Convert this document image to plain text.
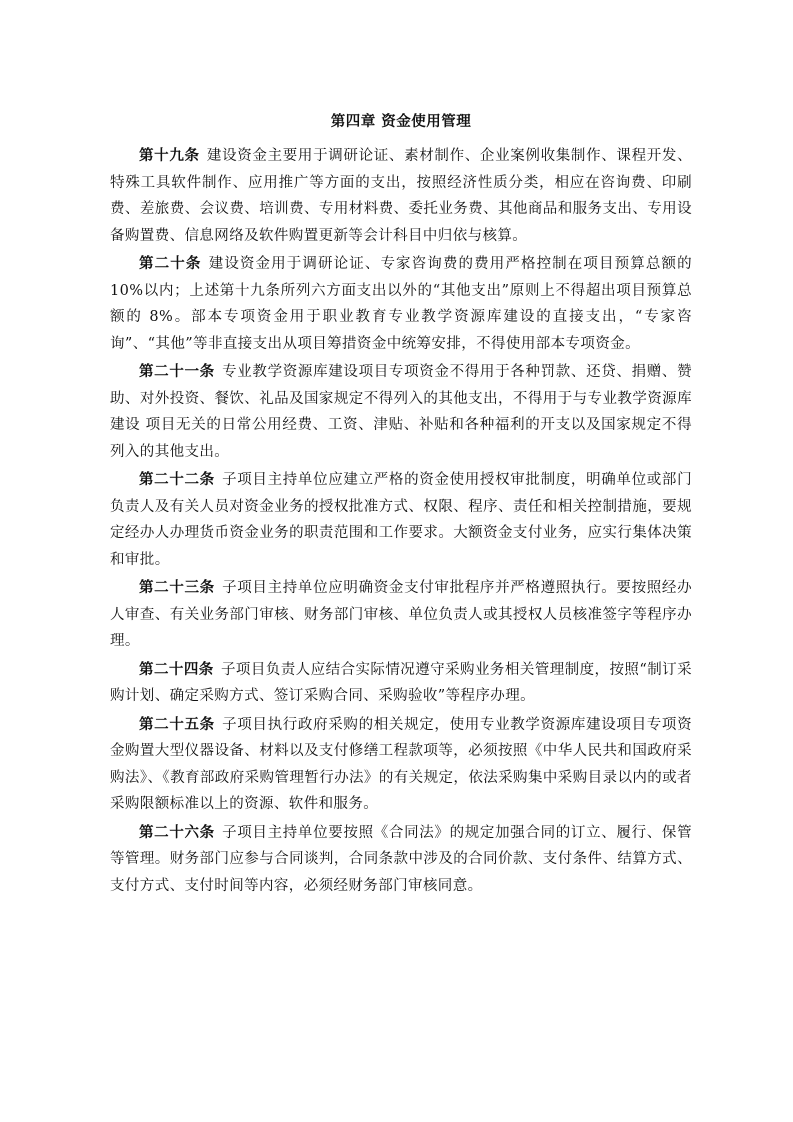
第四章 资金使用管理

第十九条 建设资金主要用于调研论证、素材制作、企业案例收集制作、课程开发、特殊工具软件制作、应用推广等方面的支出，按照经济性质分类，相应在咨询费、印刷费、差旅费、会议费、培训费、专用材料费、委托业务费、其他商品和服务支出、专用设备购置费、信息网络及软件购置更新等会计科目中归依与核算。

第二十条 建设资金用于调研论证、专家咨询费的费用严格控制在项目预算总额的 10%以内；上述第十九条所列六方面支出以外的“其他支出”原则上不得超出项目预算总额的 8%。部本专项资金用于职业教育专业教学资源库建设的直接支出，“专家咨询”、“其他”等非直接支出从项目筹措资金中统筹安排，不得使用部本专项资金。

第二十一条 专业教学资源库建设项目专项资金不得用于各种罚款、还贷、捐赠、赞助、对外投资、餐饮、礼品及国家规定不得列入的其他支出，不得用于与专业教学资源库建设 项目无关的日常公用经费、工资、津贴、补贴和各种福利的开支以及国家规定不得列入的其他支出。

第二十二条 子项目主持单位应建立严格的资金使用授权审批制度，明确单位或部门负责人及有关人员对资金业务的授权批准方式、权限、程序、责任和相关控制措施，要规定经办人办理货币资金业务的职责范围和工作要求。大额资金支付业务，应实行集体决策和审批。

第二十三条 子项目主持单位应明确资金支付审批程序并严格遵照执行。要按照经办人审查、有关业务部门审核、财务部门审核、单位负责人或其授权人员核准签字等程序办理。

第二十四条 子项目负责人应结合实际情况遵守采购业务相关管理制度，按照“制订采购计划、确定采购方式、签订采购合同、采购验收”等程序办理。

第二十五条 子项目执行政府采购的相关规定，使用专业教学资源库建设项目专项资金购置大型仪器设备、材料以及支付修缮工程款项等，必须按照《中华人民共和国政府采购法》、《教育部政府采购管理暂行办法》的有关规定，依法采购集中采购目录以内的或者采购限额标准以上的资源、软件和服务。

第二十六条 子项目主持单位要按照《合同法》的规定加强合同的订立、履行、保管等管理。财务部门应参与合同谈判，合同条款中涉及的合同价款、支付条件、结算方式、支付方式、支付时间等内容，必须经财务部门审核同意。
